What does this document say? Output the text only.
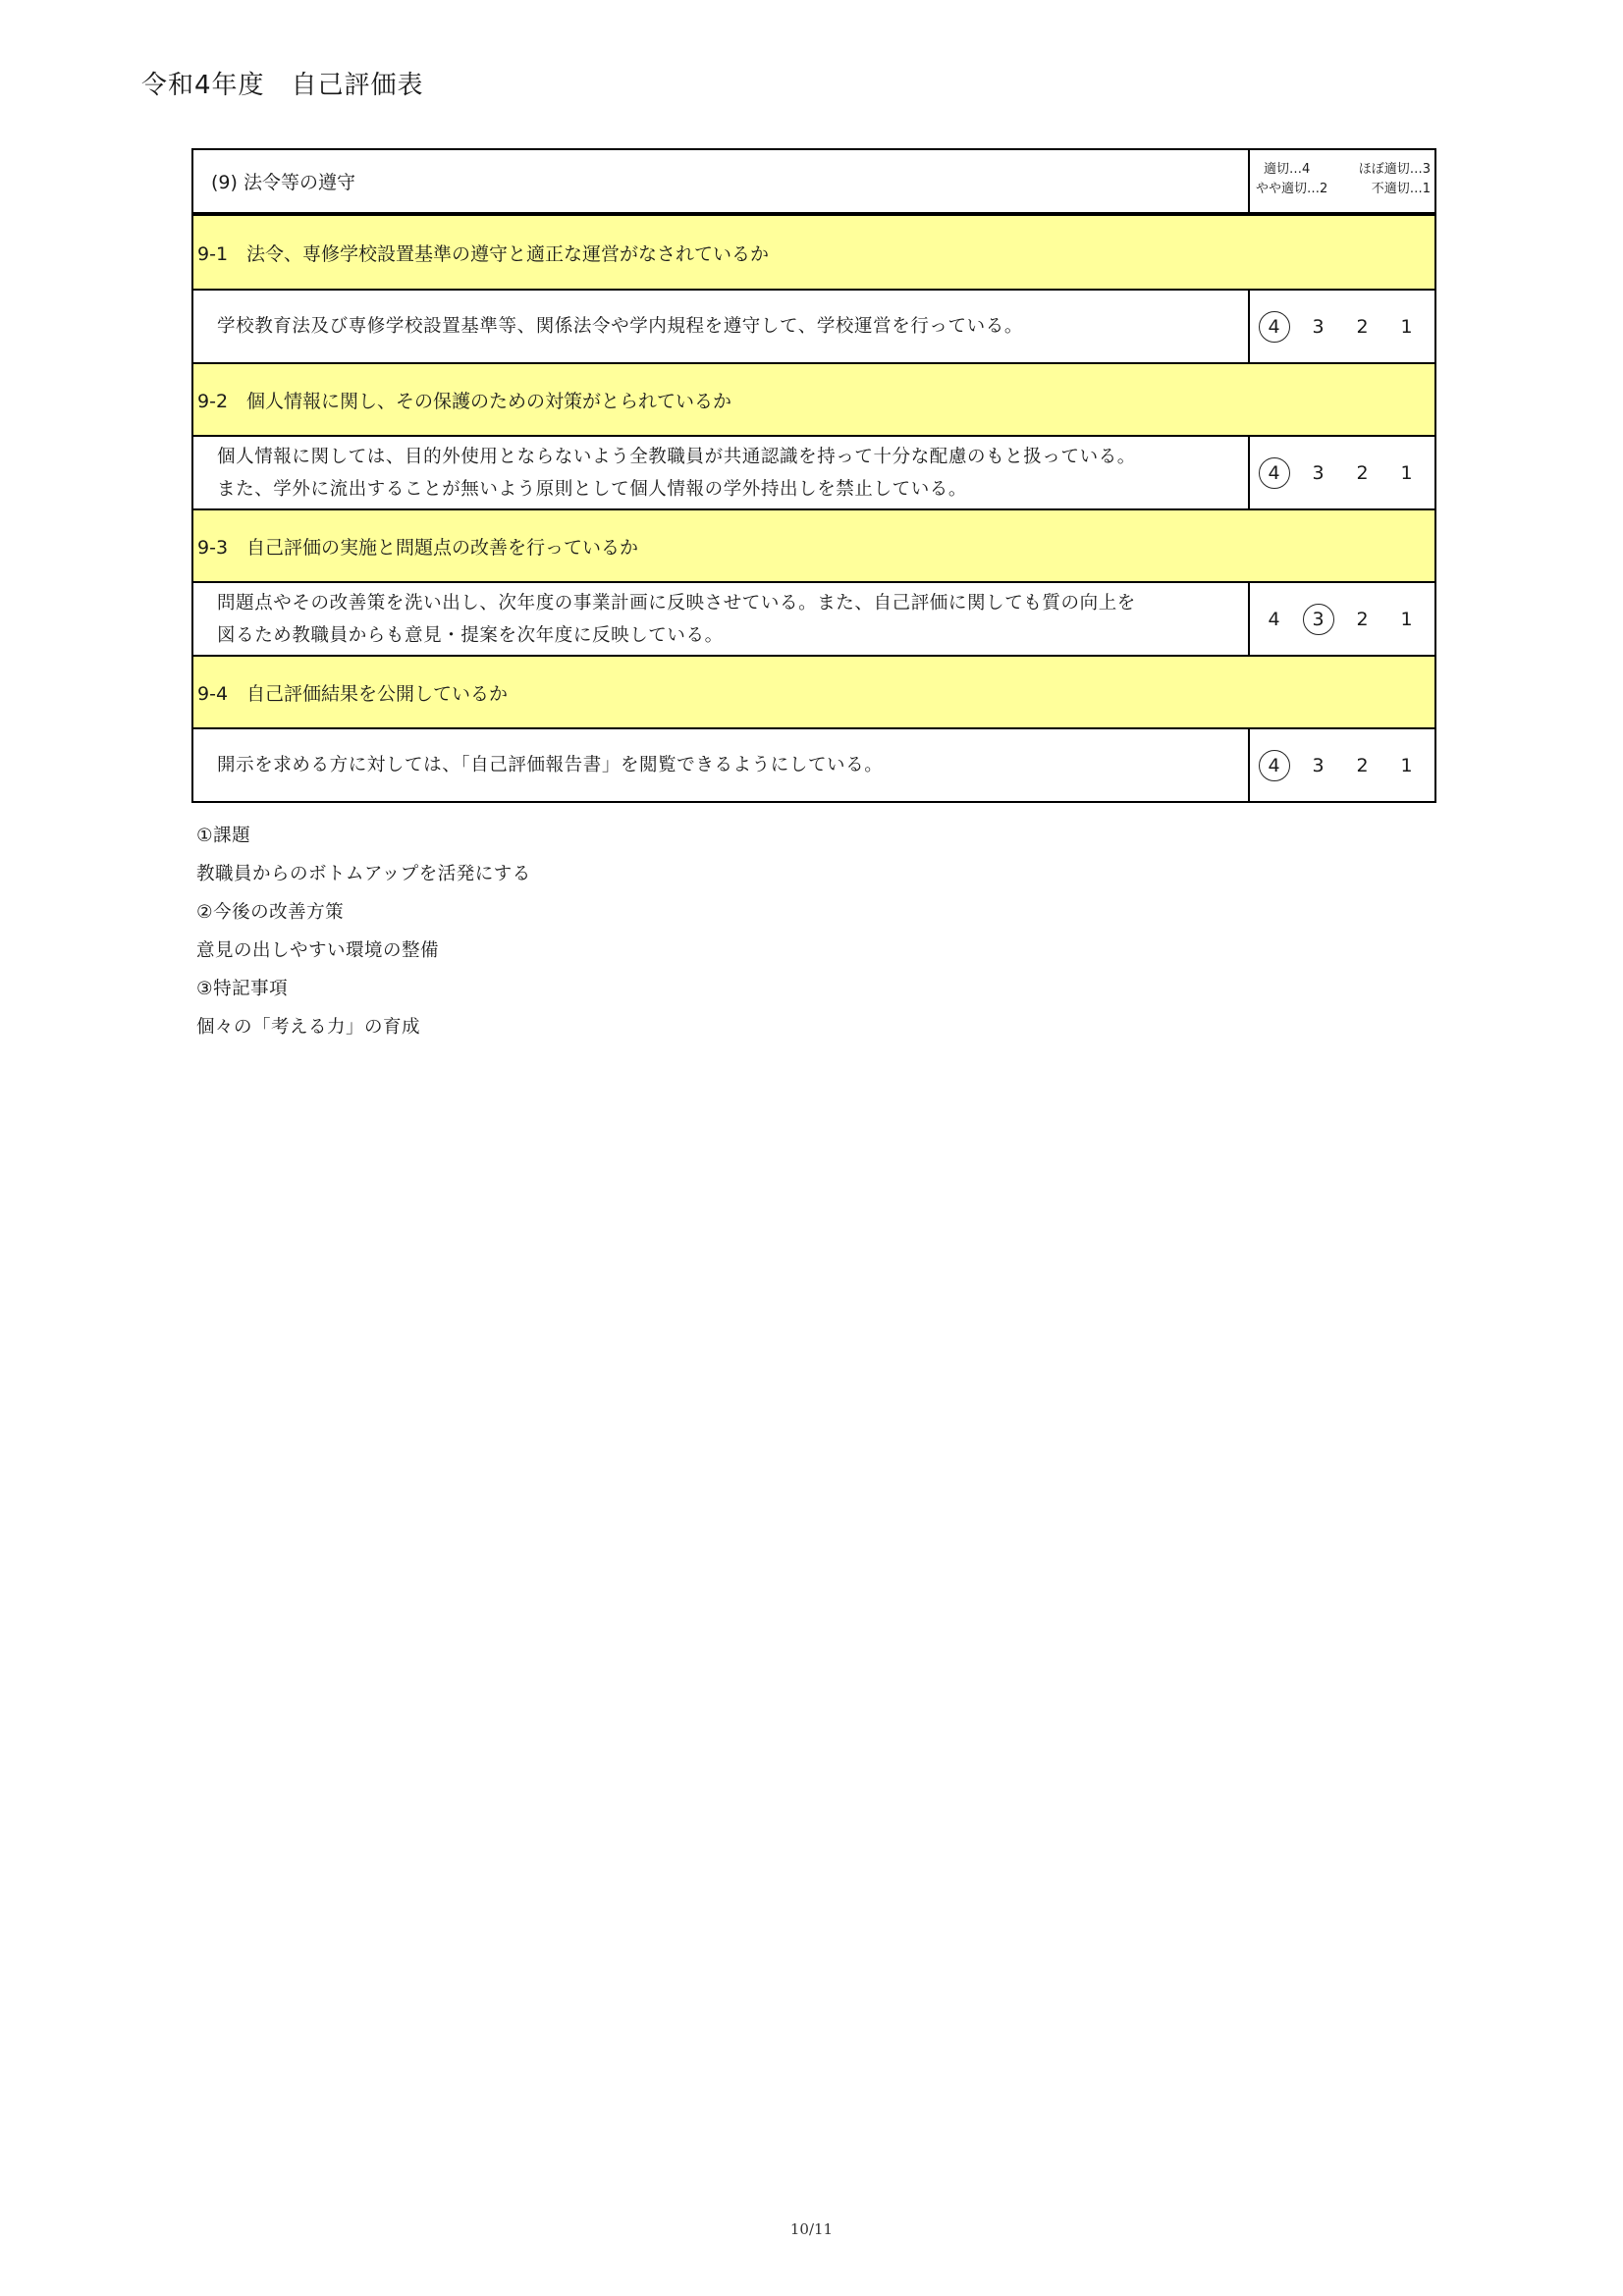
令和4年度　自己評価表
(9) 法令等の遵守
適切…4	ほぼ適切…3
やや適切…2	不適切…1
9-1　法令、専修学校設置基準の遵守と適正な運営がなされているか
学校教育法及び専修学校設置基準等、関係法令や学内規程を遵守して、学校運営を行っている。	4	3	2	1
9-2　個人情報に関し、その保護のための対策がとられているか
個人情報に関しては、目的外使用とならないよう全教職員が共通認識を持って十分な配慮のもと扱っている。
また、学外に流出することが無いよう原則として個人情報の学外持出しを禁止している。
4	3	2	1
9-3　自己評価の実施と問題点の改善を行っているか
問題点やその改善策を洗い出し、次年度の事業計画に反映させている。また、自己評価に関しても質の向上を
図るため教職員からも意見・提案を次年度に反映している。
4	3	2	1
9-4　自己評価結果を公開しているか
開示を求める方に対しては、「自己評価報告書」を閲覧できるようにしている。	4	3	2	1
①課題
教職員からのボトムアップを活発にする
②今後の改善方策
意見の出しやすい環境の整備
③特記事項
個々の「考える力」の育成
10/11
